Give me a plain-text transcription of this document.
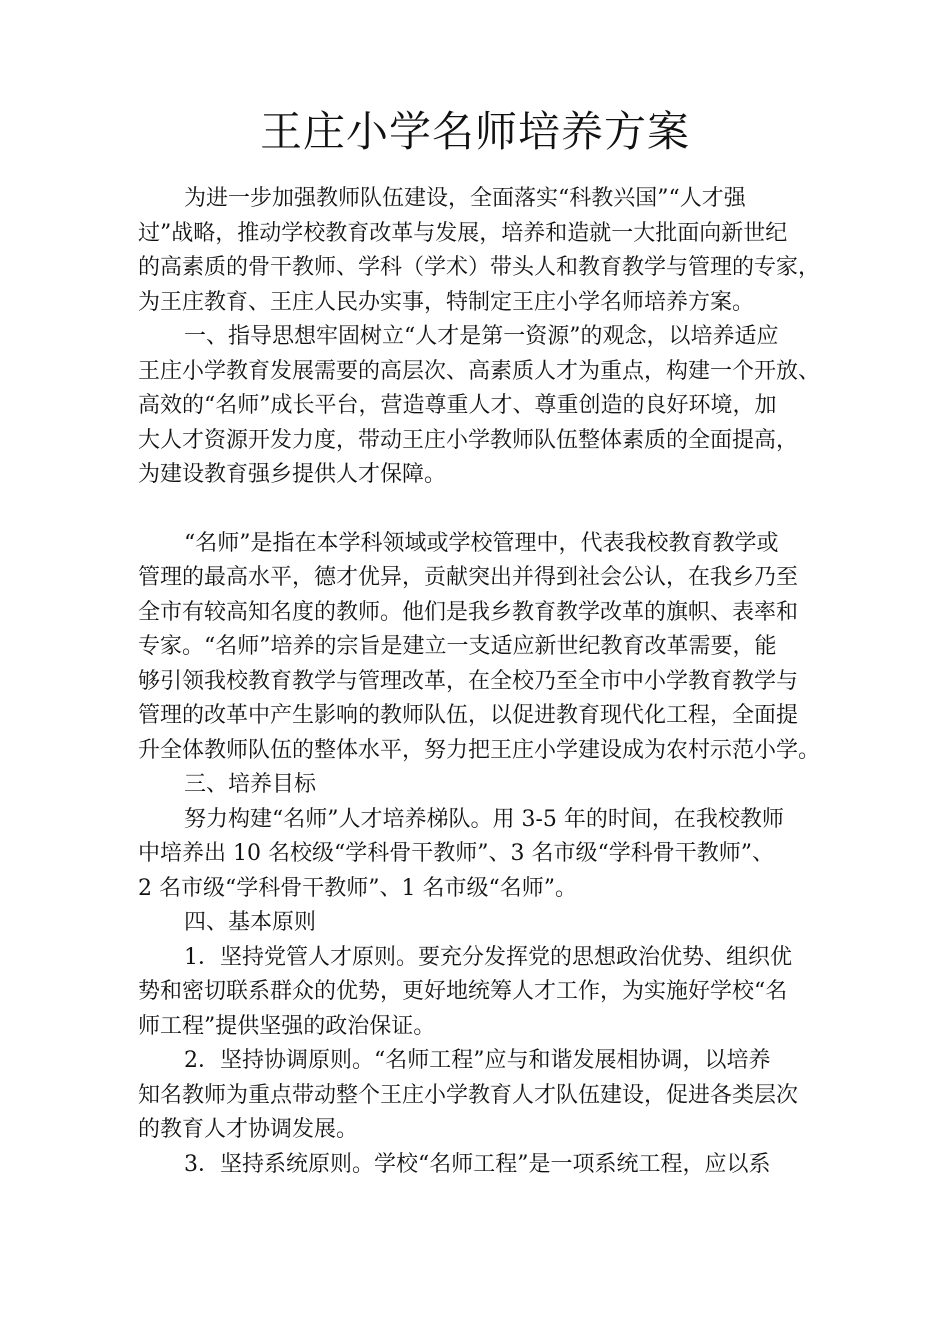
王庄小学名师培养方案
为进一步加强教师队伍建设，全面落实“科教兴国”“人才强
过”战略，推动学校教育改革与发展，培养和造就一大批面向新世纪
的高素质的骨干教师、学科（学术）带头人和教育教学与管理的专家，
为王庄教育、王庄人民办实事，特制定王庄小学名师培养方案。
一、指导思想牢固树立“人才是第一资源”的观念，以培养适应
王庄小学教育发展需要的高层次、高素质人才为重点，构建一个开放、
高效的“名师”成长平台，营造尊重人才、尊重创造的良好环境，加
大人才资源开发力度，带动王庄小学教师队伍整体素质的全面提高，
为建设教育强乡提供人才保障。
“名师”是指在本学科领域或学校管理中，代表我校教育教学或
管理的最高水平，德才优异，贡献突出并得到社会公认，在我乡乃至
全市有较高知名度的教师。他们是我乡教育教学改革的旗帜、表率和
专家。“名师”培养的宗旨是建立一支适应新世纪教育改革需要，能
够引领我校教育教学与管理改革，在全校乃至全市中小学教育教学与
管理的改革中产生影响的教师队伍，以促进教育现代化工程，全面提
升全体教师队伍的整体水平，努力把王庄小学建设成为农村示范小学。
三、培养目标
努力构建“名师”人才培养梯队。用 3-5 年的时间，在我校教师
中培养出 10 名校级“学科骨干教师”、3 名市级“学科骨干教师”、
2 名市级“学科骨干教师”、1 名市级“名师”。
四、基本原则
1．坚持党管人才原则。要充分发挥党的思想政治优势、组织优
势和密切联系群众的优势，更好地统筹人才工作，为实施好学校“名
师工程”提供坚强的政治保证。
2．坚持协调原则。“名师工程”应与和谐发展相协调，以培养
知名教师为重点带动整个王庄小学教育人才队伍建设，促进各类层次
的教育人才协调发展。
3．坚持系统原则。学校“名师工程”是一项系统工程，应以系
